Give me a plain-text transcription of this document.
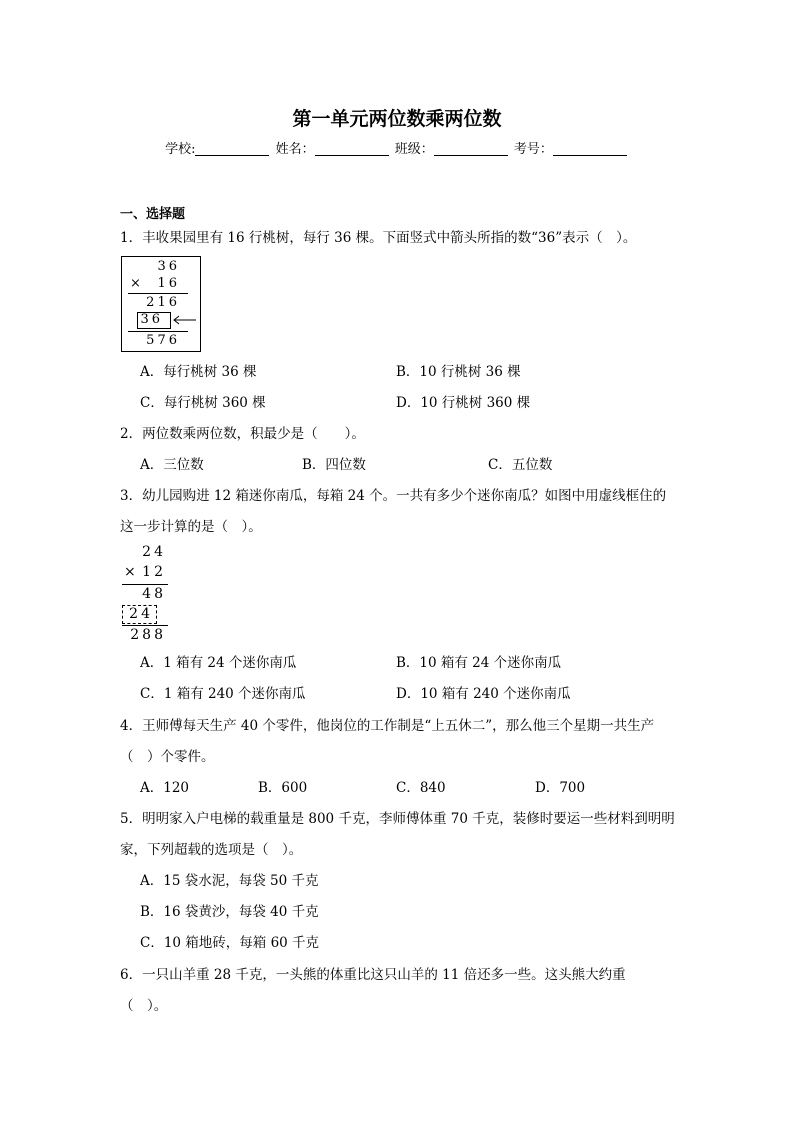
第一单元两位数乘两位数
学校:	姓名：	班级：	考号：
一、选择题
1．丰收果园里有 16 行桃树，每行 36 棵。下面竖式中箭头所指的数“36”表示（　）。
36
× 16
216
36
576
A．每行桃树 36 棵	B．10 行桃树 36 棵
C．每行桃树 360 棵	D．10 行桃树 360 棵
2．两位数乘两位数，积最少是（　　）。
A．三位数	B．四位数	C．五位数
3．幼儿园购进 12 箱迷你南瓜，每箱 24 个。一共有多少个迷你南瓜？如图中用虚线框住的
这一步计算的是（　）。
24
× 12
48
24
288
A．1 箱有 24 个迷你南瓜	B．10 箱有 24 个迷你南瓜
C．1 箱有 240 个迷你南瓜	D．10 箱有 240 个迷你南瓜
4．王师傅每天生产 40 个零件，他岗位的工作制是“上五休二”，那么他三个星期一共生产
（　）个零件。
A．120	B．600	C．840	D．700
5．明明家入户电梯的载重量是 800 千克，李师傅体重 70 千克，装修时要运一些材料到明明
家，下列超载的选项是（　）。
A．15 袋水泥，每袋 50 千克
B．16 袋黄沙，每袋 40 千克
C．10 箱地砖，每箱 60 千克
6．一只山羊重 28 千克，一头熊的体重比这只山羊的 11 倍还多一些。这头熊大约重
（　）。
